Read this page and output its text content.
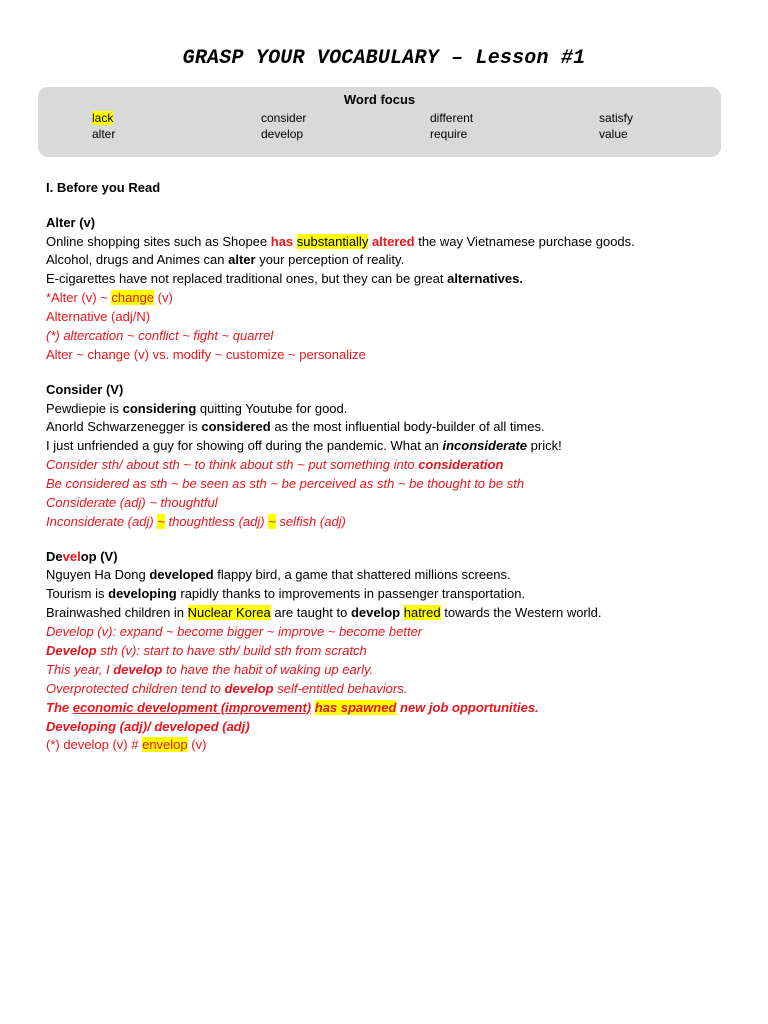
GRASP YOUR VOCABULARY – Lesson #1
Word focus
lack	consider	different	satisfy
alter	develop	require	value
I. Before you Read
Alter (v)
Online shopping sites such as Shopee has substantially altered the way Vietnamese purchase goods.
Alcohol, drugs and Animes can alter your perception of reality.
E-cigarettes have not replaced traditional ones, but they can be great alternatives.
*Alter (v) ~ change (v)
Alternative (adj/N)
(*) altercation ~ conflict ~ fight ~ quarrel
Alter ~ change (v) vs. modify ~ customize ~ personalize
Consider (V)
Pewdiepie is considering quitting Youtube for good.
Anorld Schwarzenegger is considered as the most influential body-builder of all times.
I just unfriended a guy for showing off during the pandemic. What an inconsiderate prick!
Consider sth/ about sth ~ to think about sth ~ put something into consideration
Be considered as sth ~ be seen as sth ~ be perceived as sth ~ be thought to be sth
Considerate (adj) ~ thoughtful
Inconsiderate (adj) ~ thoughtless (adj) ~ selfish (adj)
Develop (V)
Nguyen Ha Dong developed flappy bird, a game that shattered millions screens.
Tourism is developing rapidly thanks to improvements in passenger transportation.
Brainwashed children in Nuclear Korea are taught to develop hatred towards the Western world.
Develop (v): expand ~ become bigger ~ improve ~ become better
Develop sth (v): start to have sth/ build sth from scratch
This year, I develop to have the habit of waking up early.
Overprotected children tend to develop self-entitled behaviors.
The economic development (improvement) has spawned new job opportunities.
Developing (adj)/ developed (adj)
(*) develop (v) # envelop (v)
